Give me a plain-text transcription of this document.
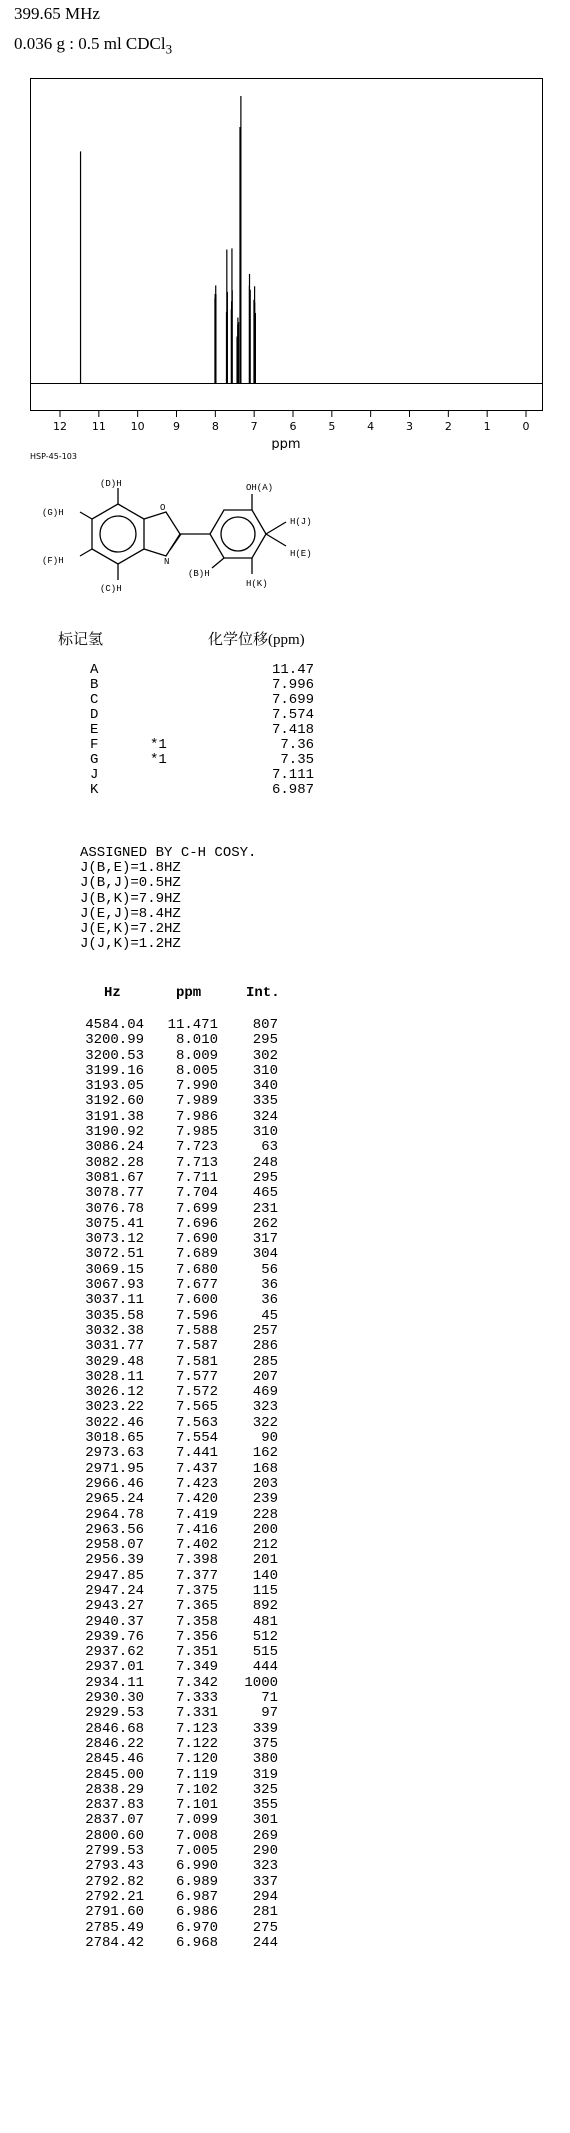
399.65 MHz
0.036 g : 0.5 ml CDCl$_3$
12 11 10	9	8	7	6	5	4	3	2	1	0
ppm
HSP-45-103
(D)H
(G)H
(F)H
(C)H
O
N
(B)H
OH(A)
H(J)
H(E)
H(K)
标记氢	化学位移(ppm)
A	11.47
B	7.996
C	7.699
D	7.574
E	7.418
F	*1	7.36
G	*1	7.35
J	7.111
K	6.987
ASSIGNED BY C-H COSY.
J(B,E)=1.8HZ
J(B,J)=0.5HZ
J(B,K)=7.9HZ
J(E,J)=8.4HZ
J(E,K)=7.2HZ
J(J,K)=1.2HZ
Hz	ppm	Int.
4584.04	11.471	807
3200.99	8.010	295
3200.53	8.009	302
3199.16	8.005	310
3193.05	7.990	340
3192.60	7.989	335
3191.38	7.986	324
3190.92	7.985	310
3086.24	7.723	63
3082.28	7.713	248
3081.67	7.711	295
3078.77	7.704	465
3076.78	7.699	231
3075.41	7.696	262
3073.12	7.690	317
3072.51	7.689	304
3069.15	7.680	56
3067.93	7.677	36
3037.11	7.600	36
3035.58	7.596	45
3032.38	7.588	257
3031.77	7.587	286
3029.48	7.581	285
3028.11	7.577	207
3026.12	7.572	469
3023.22	7.565	323
3022.46	7.563	322
3018.65	7.554	90
2973.63	7.441	162
2971.95	7.437	168
2966.46	7.423	203
2965.24	7.420	239
2964.78	7.419	228
2963.56	7.416	200
2958.07	7.402	212
2956.39	7.398	201
2947.85	7.377	140
2947.24	7.375	115
2943.27	7.365	892
2940.37	7.358	481
2939.76	7.356	512
2937.62	7.351	515
2937.01	7.349	444
2934.11	7.342	1000
2930.30	7.333	71
2929.53	7.331	97
2846.68	7.123	339
2846.22	7.122	375
2845.46	7.120	380
2845.00	7.119	319
2838.29	7.102	325
2837.83	7.101	355
2837.07	7.099	301
2800.60	7.008	269
2799.53	7.005	290
2793.43	6.990	323
2792.82	6.989	337
2792.21	6.987	294
2791.60	6.986	281
2785.49	6.970	275
2784.42	6.968	244
